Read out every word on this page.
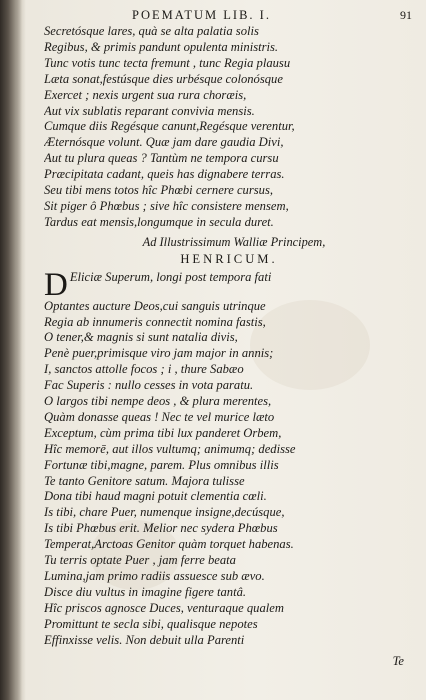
POEMATUM LIB. I.	91
Secretósque lares, quà se alta palatia solis
Regibus, & primis pandunt opulenta ministris.
Tunc votis tunc tecta fremunt , tunc Regia plausu
Læta sonat,festúsque dies urbésque colonósque
Exercet ; nexis urgent sua rura choræis,
Aut vix sublatis reparant convivia mensis.
Cumque diis Regésque canunt,Regésque verentur,
Æternósque volunt. Quæ jam dare gaudia Divi,
Aut tu plura queas ? Tantùm ne tempora cursu
Præcipitata cadant, queis has dignabere terras.
Seu tibi mens totos hîc Phœbi cernere cursus,
Sit piger ô Phœbus ; sive hîc consistere mensem,
Tardus eat mensis,longumque in secula duret.
Ad Illustrissimum Walliæ Principem,
HENRICUM.
D Eliciæ Superum, longi post tempora fati
Optantes aucture Deos,cui sanguis utrinque
Regia ab innumeris connectit nomina fastis,
O tener,& magnis si sunt natalia divis,
Penè puer,primisque viro jam major in annis;
I, sanctos attolle focos ; i , thure Sabæo
Fac Superis : nullo cesses in vota paratu.
O largos tibi nempe deos , & plura merentes,
Quàm donasse queas ! Nec te vel murice læto
Exceptum, cùm prima tibi lux panderet Orbem,
Hîc memorē, aut illos vultumq; animumq; dedisse
Fortunæ tibi,magne, parem. Plus omnibus illis
Te tanto Genitore satum. Majora tulisse
Dona tibi haud magni potuit clementia cœli.
Is tibi, chare Puer, numenque insigne,decúsque,
Is tibi Phœbus erit. Melior nec sydera Phœbus
Temperat,Arctoas Genitor quàm torquet habenas.
Tu terris optate Puer , jam ferre beata
Lumina,jam primo radiis assuesce sub ævo.
Disce diu vultus in imagine figere tantâ.
Hîc priscos agnosce Duces, venturaque qualem
Promittunt te secla sibi, qualisque nepotes
Effinxisse velis. Non debuit ulla Parenti
Te
